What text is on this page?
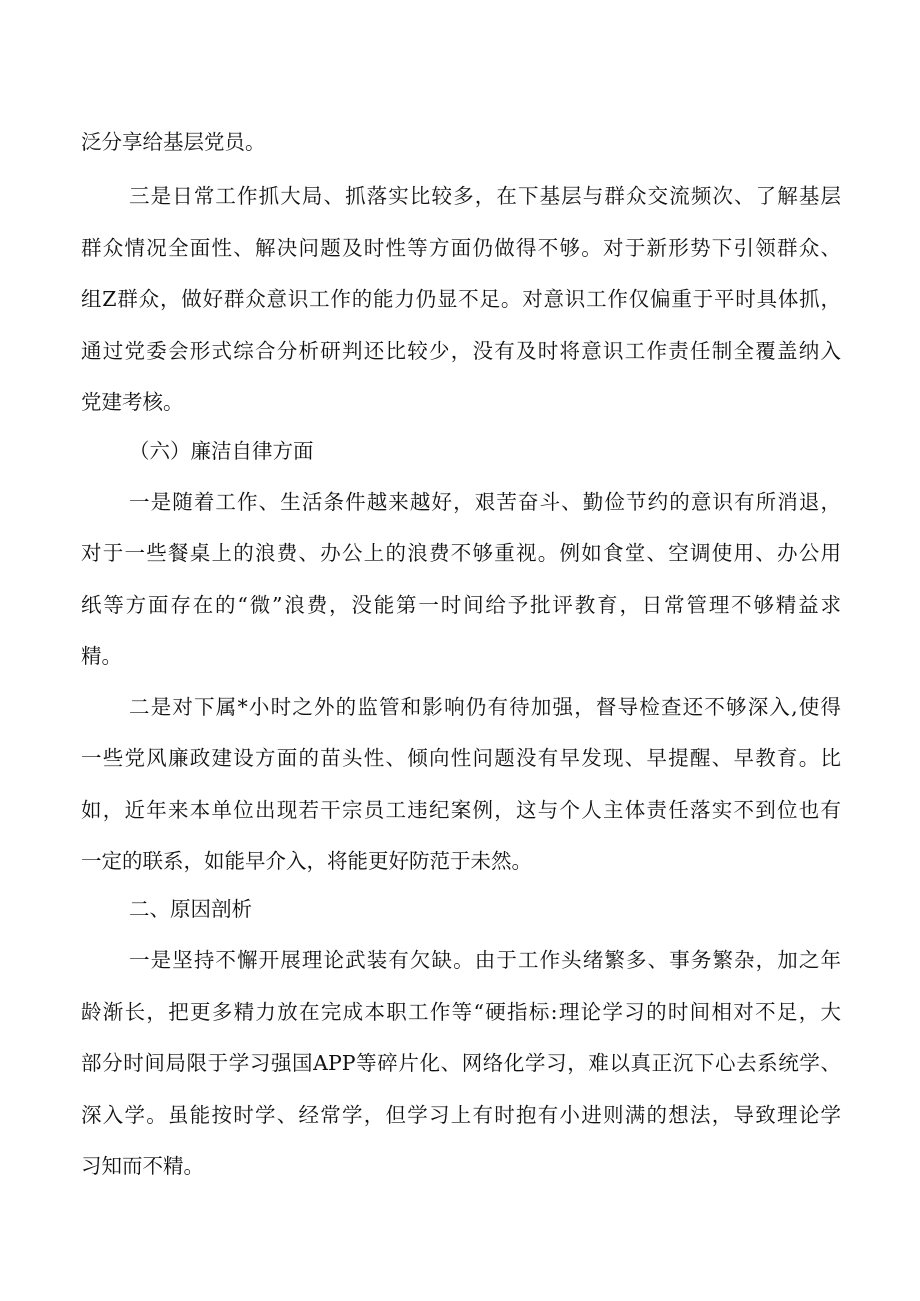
泛分享给基层党员。
三是日常工作抓大局、抓落实比较多，在下基层与群众交流频次、了解基层
群众情况全面性、解决问题及时性等方面仍做得不够。对于新形势下引领群众、
组Z群众，做好群众意识工作的能力仍显不足。对意识工作仅偏重于平时具体抓，
通过党委会形式综合分析研判还比较少，没有及时将意识工作责任制全覆盖纳入
党建考核。
（六）廉洁自律方面
一是随着工作、生活条件越来越好，艰苦奋斗、勤俭节约的意识有所消退，
对于一些餐桌上的浪费、办公上的浪费不够重视。例如食堂、空调使用、办公用
纸等方面存在的“微”浪费，没能第一时间给予批评教育，日常管理不够精益求
精。
二是对下属*小时之外的监管和影响仍有待加强，督导检查还不够深入,使得
一些党风廉政建设方面的苗头性、倾向性问题没有早发现、早提醒、早教育。比
如，近年来本单位出现若干宗员工违纪案例，这与个人主体责任落实不到位也有
一定的联系，如能早介入，将能更好防范于未然。
二、原因剖析
一是坚持不懈开展理论武装有欠缺。由于工作头绪繁多、事务繁杂，加之年
龄渐长，把更多精力放在完成本职工作等“硬指标:理论学习的时间相对不足，大
部分时间局限于学习强国APP等碎片化、网络化学习，难以真正沉下心去系统学、
深入学。虽能按时学、经常学，但学习上有时抱有小进则满的想法，导致理论学
习知而不精。
